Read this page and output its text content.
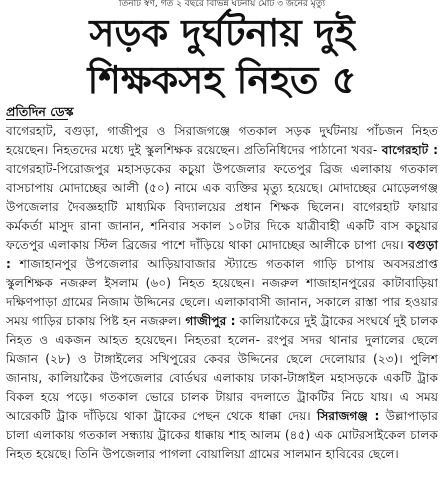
তিনটি স্বর্ণ, গত ২ বছরে বিভিন্ন ঘটনায় মোট ৩ জনের মৃত্যু
সড়ক দুর্ঘটনায় দুই
শিক্ষকসহ নিহত ৫
প্রতিদিন ডেস্ক
বাগেরহাট, বগুড়া, গাজীপুর ও সিরাজগঞ্জে গতকাল সড়ক দুর্ঘটনায় পাঁচজন নিহত হয়েছেন। নিহতদের মধ্যে দুই স্কুলশিক্ষক রয়েছেন। প্রতিনিধিদের পাঠানো খবর- বাগেরহাট : বাগেরহাট-পিরোজপুর মহাসড়কের কচুয়া উপজেলার ফতেপুর ব্রিজ এলাকায় গতকাল বাসচাপায় মোদাচ্ছের আলী (৫০) নামে এক ব্যক্তির মৃত্যু হয়েছে। মোদাচ্ছের মোড়েলগঞ্জ উপজেলার দৈবজ্ঞহাটি মাধ্যমিক বিদ্যালয়ের প্রধান শিক্ষক ছিলেন। বাগেরহাট ফায়ার কর্মকর্তা মাসুদ রানা জানান, শনিবার সকাল ১০টার দিকে যাত্রীবাহী একটি বাস কচুয়ার ফতেপুর এলাকায় স্টিল ব্রিজের পাশে দাঁড়িয়ে থাকা মোদাচ্ছের আলীকে চাপা দেয়। বগুড়া : শাজাহানপুর উপজেলার আড়িয়াবাজার স্ট্যান্ডে গতকাল গাড়ি চাপায় অবসরপ্রাপ্ত স্কুলশিক্ষক নজরুল ইসলাম (৬০) নিহত হয়েছেন। নজরুল শাজাহানপুরের কাটাবাড়িয়া দক্ষিণপাড়া গ্রামের নিজাম উদ্দিনের ছেলে। এলাকাবাসী জানান, সকালে রাস্তা পার হওয়ার সময় গাড়ির চাকায় পিষ্ট হন নজরুল। গাজীপুর : কালিয়াকৈরে দুই ট্রাকের সংঘর্ষে দুই চালক নিহত ও একজন আহত হয়েছেন। নিহতরা হলেন- রংপুর সদর থানার দুলালের ছেলে মিজান (২৮) ও টাঙ্গাইলের সখিপুরের কেবর উদ্দিনের ছেলে দেলোয়ার (২৩)। পুলিশ জানায়, কালিয়াকৈর উপজেলার বোর্ডঘর এলাকায় ঢাকা-টাঙ্গাইল মহাসড়কে একটি ট্রাক বিকল হয়ে পড়ে। গতকাল ভোরে চালক টায়ার বদলাতে ট্রাকটির নিচে যায়। এ সময় আরেকটি ট্রাক দাঁড়িয়ে থাকা ট্রাকের পেছন থেকে ধাক্কা দেয়। সিরাজগঞ্জ : উল্লাপাড়ার চালা এলাকায় গতকাল সন্ধ্যায় ট্রাকের ধাক্কায় শাহ আলম (৪৫) এক মোটরসাইকেল চালক নিহত হয়েছে। তিনি উপজেলার পাগলা বোয়ালিয়া গ্রামের সালমান হাবিবের ছেলে।
